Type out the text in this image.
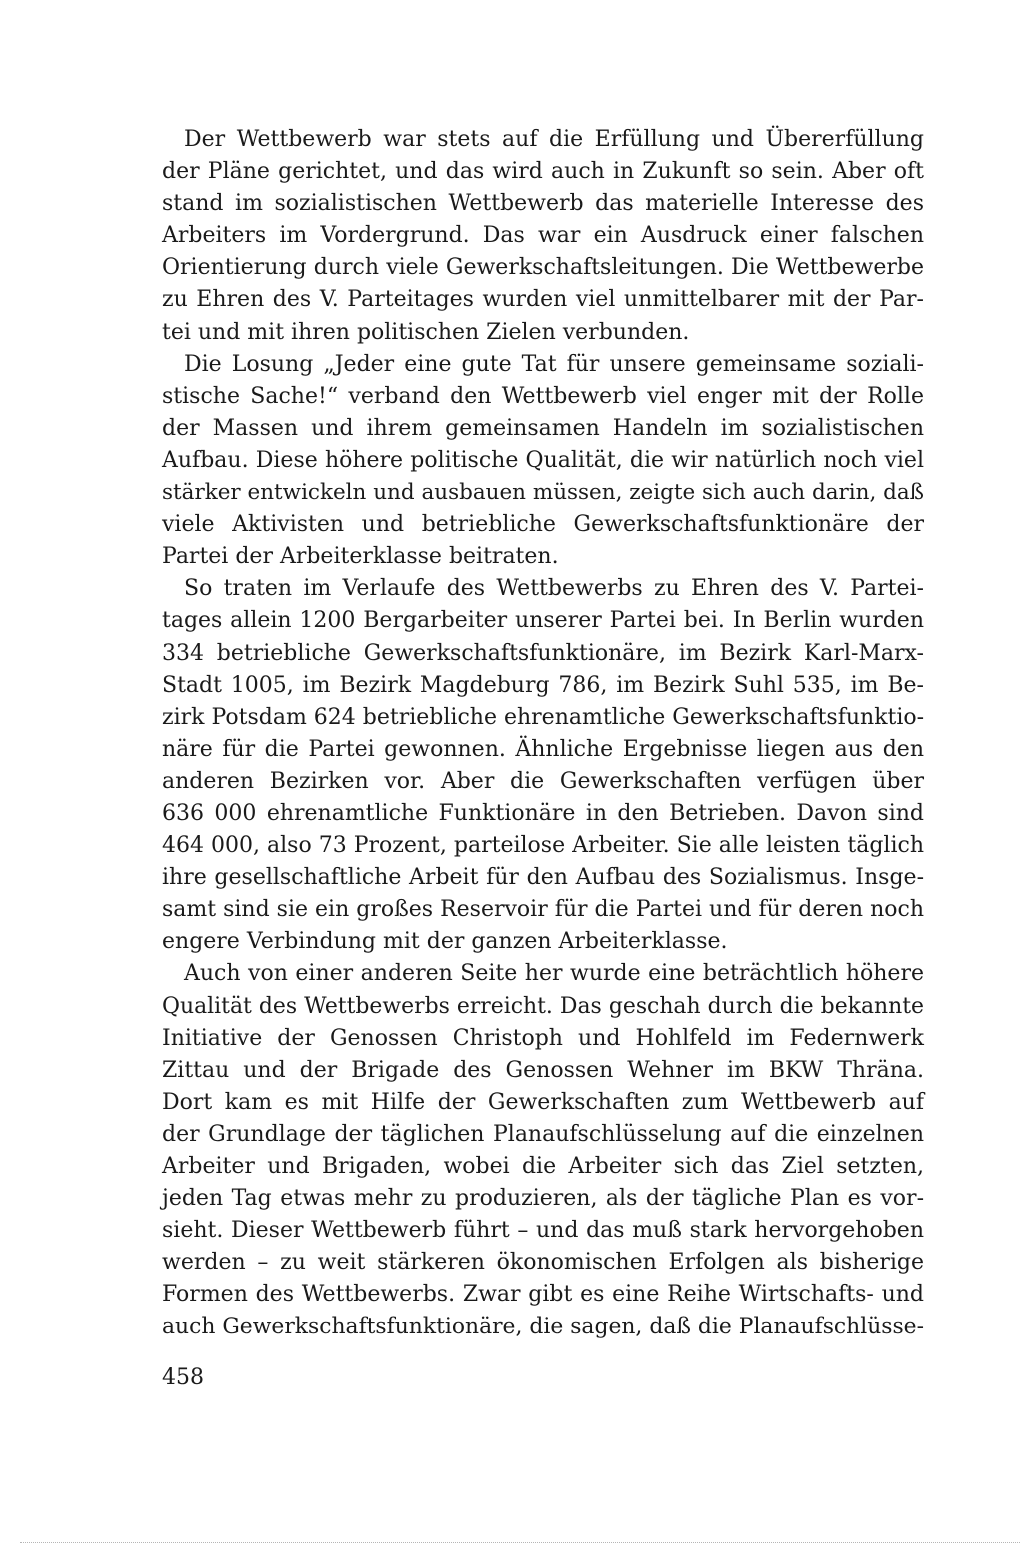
 Der Wettbewerb war stets auf die Erfüllung und Übererfüllung
der Pläne gerichtet, und das wird auch in Zukunft so sein. Aber oft
stand im sozialistischen Wettbewerb das materielle Interesse des
Arbeiters im Vordergrund. Das war ein Ausdruck einer falschen
Orientierung durch viele Gewerkschaftsleitungen. Die Wettbewerbe
zu Ehren des V. Parteitages wurden viel unmittelbarer mit der Par-
tei und mit ihren politischen Zielen verbunden.
 Die Losung „Jeder eine gute Tat für unsere gemeinsame soziali-
stische Sache!“ verband den Wettbewerb viel enger mit der Rolle
der Massen und ihrem gemeinsamen Handeln im sozialistischen
Aufbau. Diese höhere politische Qualität, die wir natürlich noch viel
stärker entwickeln und ausbauen müssen, zeigte sich auch darin, daß
viele Aktivisten und betriebliche Gewerkschaftsfunktionäre der
Partei der Arbeiterklasse beitraten.
 So traten im Verlaufe des Wettbewerbs zu Ehren des V. Partei-
tages allein 1200 Bergarbeiter unserer Partei bei. In Berlin wurden
334 betriebliche Gewerkschaftsfunktionäre, im Bezirk Karl-Marx-
Stadt 1005, im Bezirk Magdeburg 786, im Bezirk Suhl 535, im Be-
zirk Potsdam 624 betriebliche ehrenamtliche Gewerkschaftsfunktio-
näre für die Partei gewonnen. Ähnliche Ergebnisse liegen aus den
anderen Bezirken vor. Aber die Gewerkschaften verfügen über
636 000 ehrenamtliche Funktionäre in den Betrieben. Davon sind
464 000, also 73 Prozent, parteilose Arbeiter. Sie alle leisten täglich
ihre gesellschaftliche Arbeit für den Aufbau des Sozialismus. Insge-
samt sind sie ein großes Reservoir für die Partei und für deren noch
engere Verbindung mit der ganzen Arbeiterklasse.
 Auch von einer anderen Seite her wurde eine beträchtlich höhere
Qualität des Wettbewerbs erreicht. Das geschah durch die bekannte
Initiative der Genossen Christoph und Hohlfeld im Federnwerk
Zittau und der Brigade des Genossen Wehner im BKW Thräna.
Dort kam es mit Hilfe der Gewerkschaften zum Wettbewerb auf
der Grundlage der täglichen Planaufschlüsselung auf die einzelnen
Arbeiter und Brigaden, wobei die Arbeiter sich das Ziel setzten,
jeden Tag etwas mehr zu produzieren, als der tägliche Plan es vor-
sieht. Dieser Wettbewerb führt – und das muß stark hervorgehoben
werden – zu weit stärkeren ökonomischen Erfolgen als bisherige
Formen des Wettbewerbs. Zwar gibt es eine Reihe Wirtschafts- und
auch Gewerkschaftsfunktionäre, die sagen, daß die Planaufschlüsse-
458
